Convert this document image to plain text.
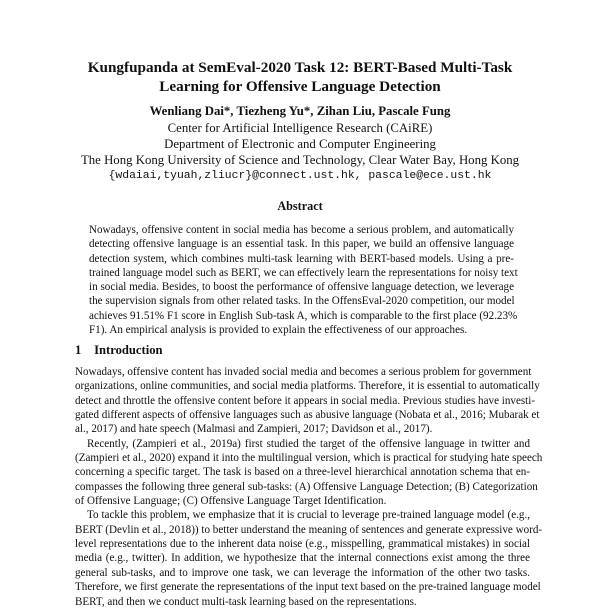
Kungfupanda at SemEval-2020 Task 12: BERT-Based Multi-Task
Learning for Offensive Language Detection
Wenliang Dai*, Tiezheng Yu*, Zihan Liu, Pascale Fung
Center for Artificial Intelligence Research (CAiRE)
Department of Electronic and Computer Engineering
The Hong Kong University of Science and Technology, Clear Water Bay, Hong Kong
{wdaiai,tyuah,zliucr}@connect.ust.hk, pascale@ece.ust.hk
Abstract
Nowadays, offensive content in social media has become a serious problem, and automatically
detecting offensive language is an essential task. In this paper, we build an offensive language
detection system, which combines multi-task learning with BERT-based models. Using a pre-
trained language model such as BERT, we can effectively learn the representations for noisy text
in social media. Besides, to boost the performance of offensive language detection, we leverage
the supervision signals from other related tasks. In the OffensEval-2020 competition, our model
achieves 91.51% F1 score in English Sub-task A, which is comparable to the first place (92.23%
F1). An empirical analysis is provided to explain the effectiveness of our approaches.
1 Introduction
Nowadays, offensive content has invaded social media and becomes a serious problem for government
organizations, online communities, and social media platforms. Therefore, it is essential to automatically
detect and throttle the offensive content before it appears in social media. Previous studies have investi-
gated different aspects of offensive languages such as abusive language (Nobata et al., 2016; Mubarak et
al., 2017) and hate speech (Malmasi and Zampieri, 2017; Davidson et al., 2017).
Recently, (Zampieri et al., 2019a) first studied the target of the offensive language in twitter and
(Zampieri et al., 2020) expand it into the multilingual version, which is practical for studying hate speech
concerning a specific target. The task is based on a three-level hierarchical annotation schema that en-
compasses the following three general sub-tasks: (A) Offensive Language Detection; (B) Categorization
of Offensive Language; (C) Offensive Language Target Identification.
To tackle this problem, we emphasize that it is crucial to leverage pre-trained language model (e.g.,
BERT (Devlin et al., 2018)) to better understand the meaning of sentences and generate expressive word-
level representations due to the inherent data noise (e.g., misspelling, grammatical mistakes) in social
media (e.g., twitter). In addition, we hypothesize that the internal connections exist among the three
general sub-tasks, and to improve one task, we can leverage the information of the other two tasks.
Therefore, we first generate the representations of the input text based on the pre-trained language model
BERT, and then we conduct multi-task learning based on the representations.
